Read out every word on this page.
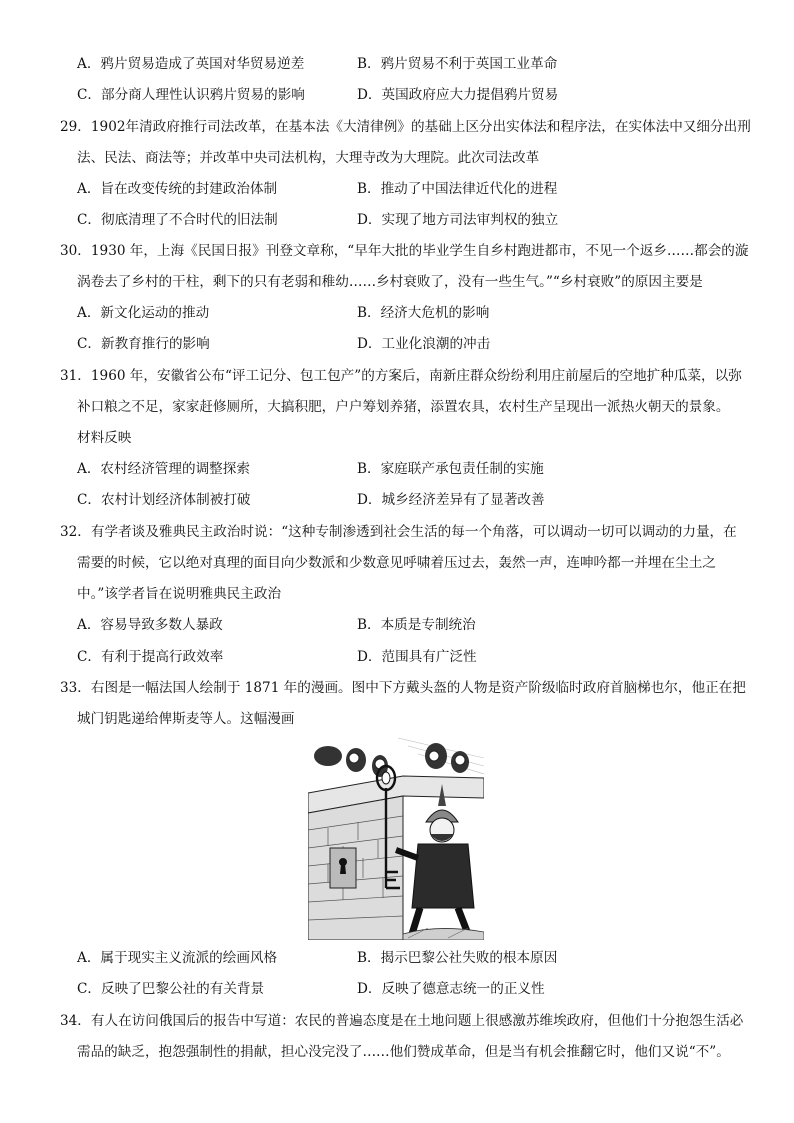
A．鸦片贸易造成了英国对华贸易逆差	B．鸦片贸易不利于英国工业革命
C．部分商人理性认识鸦片贸易的影响	D．英国政府应大力提倡鸦片贸易
29．1902年清政府推行司法改革，在基本法《大清律例》的基础上区分出实体法和程序法，在实体法中又细分出刑
法、民法、商法等；并改革中央司法机构，大理寺改为大理院。此次司法改革
A．旨在改变传统的封建政治体制	B．推动了中国法律近代化的进程
C．彻底清理了不合时代的旧法制	D．实现了地方司法审判权的独立
30．1930 年，上海《民国日报》刊登文章称，“早年大批的毕业学生自乡村跑进都市，不见一个返乡……都会的漩
涡卷去了乡村的干柱，剩下的只有老弱和稚幼……乡村衰败了，没有一些生气。”“乡村衰败”的原因主要是
A．新文化运动的推动	B．经济大危机的影响
C．新教育推行的影响	D．工业化浪潮的冲击
31．1960 年，安徽省公布“评工记分、包工包产”的方案后，南新庄群众纷纷利用庄前屋后的空地扩种瓜菜，以弥
补口粮之不足，家家赶修厕所，大搞积肥，户户筹划养猪，添置农具，农村生产呈现出一派热火朝天的景象。
材料反映
A．农村经济管理的调整探索	B．家庭联产承包责任制的实施
C．农村计划经济体制被打破	D．城乡经济差异有了显著改善
32．有学者谈及雅典民主政治时说：“这种专制渗透到社会生活的每一个角落，可以调动一切可以调动的力量，在
需要的时候，它以绝对真理的面目向少数派和少数意见呼啸着压过去，轰然一声，连呻吟都一并埋在尘土之
中。”该学者旨在说明雅典民主政治
A．容易导致多数人暴政	B．本质是专制统治
C．有利于提高行政效率	D．范围具有广泛性
33．右图是一幅法国人绘制于 1871 年的漫画。图中下方戴头盔的人物是资产阶级临时政府首脑梯也尔，他正在把
城门钥匙递给俾斯麦等人。这幅漫画
A．属于现实主义流派的绘画风格	B．揭示巴黎公社失败的根本原因
C．反映了巴黎公社的有关背景	D．反映了德意志统一的正义性
34．有人在访问俄国后的报告中写道：农民的普遍态度是在土地问题上很感激苏维埃政府，但他们十分抱怨生活必
需品的缺乏，抱怨强制性的捐献，担心没完没了……他们赞成革命，但是当有机会推翻它时，他们又说“不”。
